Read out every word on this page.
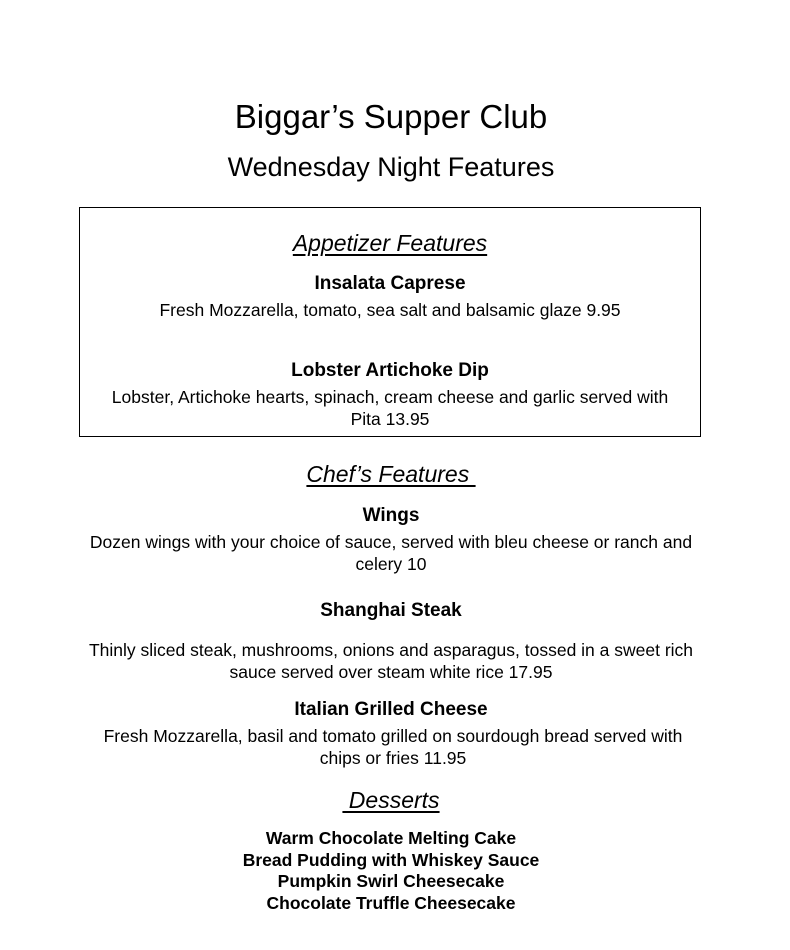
Biggar’s Supper Club
Wednesday Night Features
Appetizer Features
Insalata Caprese
Fresh Mozzarella, tomato, sea salt and balsamic glaze 9.95
Lobster Artichoke Dip
Lobster, Artichoke hearts, spinach, cream cheese and garlic served with Pita 13.95
Chef’s Features
Wings
Dozen wings with your choice of sauce, served with bleu cheese or ranch and celery 10
Shanghai Steak
Thinly sliced steak, mushrooms, onions and asparagus, tossed in a sweet rich sauce served over steam white rice 17.95
Italian Grilled Cheese
Fresh Mozzarella, basil and tomato grilled on sourdough bread served with chips or fries 11.95
Desserts
Warm Chocolate Melting Cake
Bread Pudding with Whiskey Sauce
Pumpkin Swirl Cheesecake
Chocolate Truffle Cheesecake
